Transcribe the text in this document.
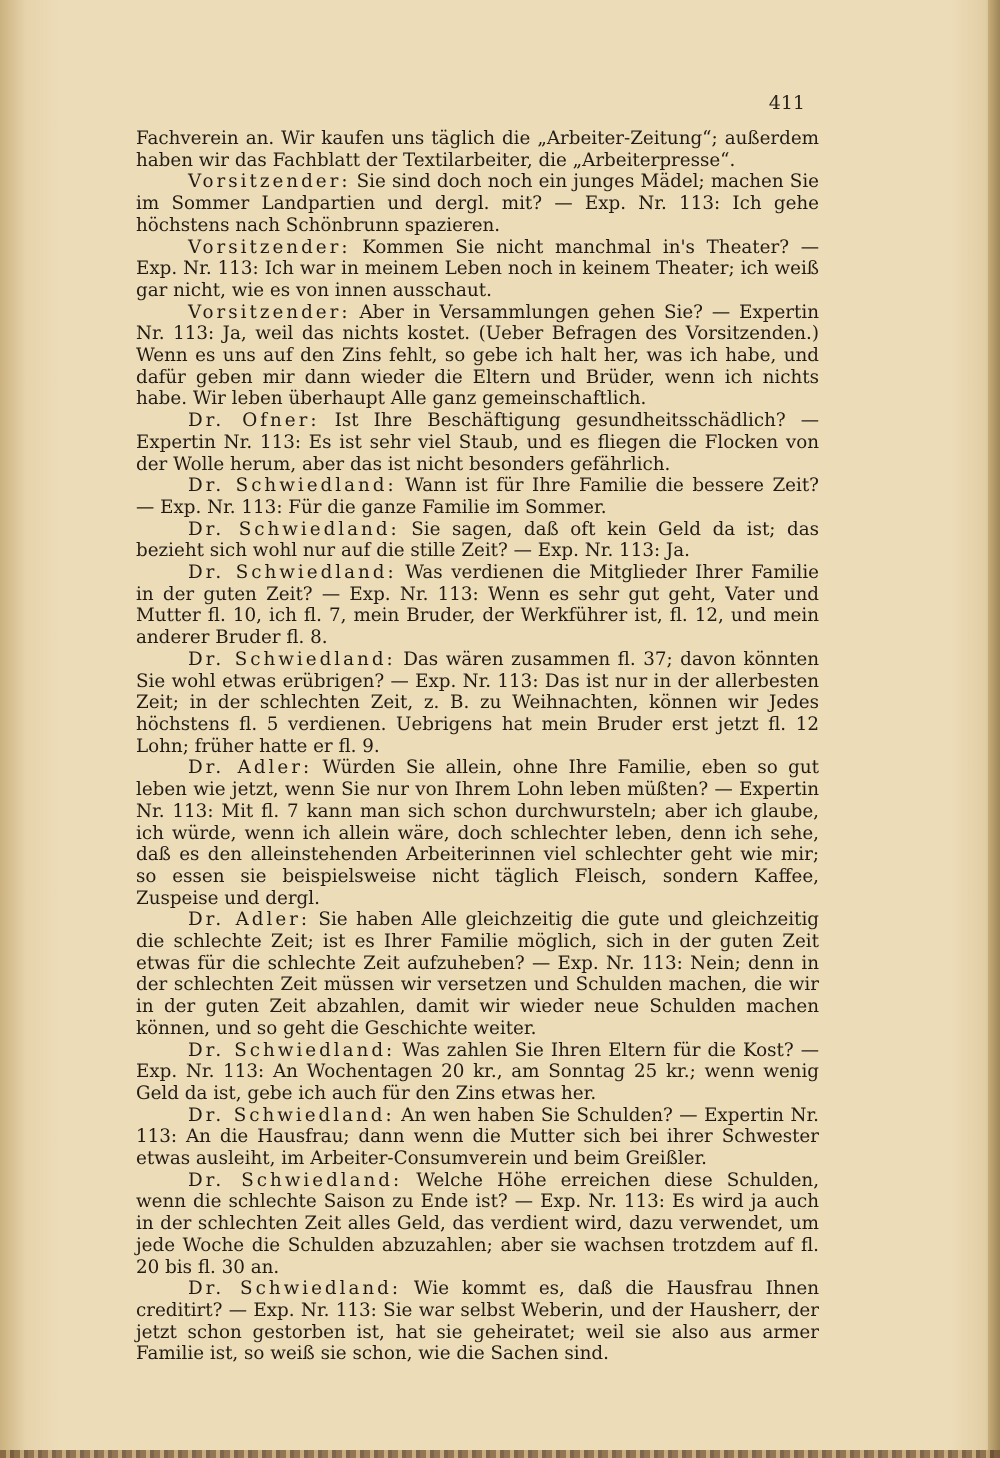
411

Fachverein an. Wir kaufen uns täglich die „Arbeiter-Zeitung“; außerdem haben wir das Fachblatt der Textilarbeiter, die „Arbeiterpresse“.

Vorsitzender: Sie sind doch noch ein junges Mädel; machen Sie im Sommer Landpartien und dergl. mit? — Exp. Nr. 113: Ich gehe höchstens nach Schönbrunn spazieren.

Vorsitzender: Kommen Sie nicht manchmal in's Theater? — Exp. Nr. 113: Ich war in meinem Leben noch in keinem Theater; ich weiß gar nicht, wie es von innen ausschaut.

Vorsitzender: Aber in Versammlungen gehen Sie? — Expertin Nr. 113: Ja, weil das nichts kostet. (Ueber Befragen des Vorsitzenden.) Wenn es uns auf den Zins fehlt, so gebe ich halt her, was ich habe, und dafür geben mir dann wieder die Eltern und Brüder, wenn ich nichts habe. Wir leben überhaupt Alle ganz gemeinschaftlich.

Dr. Ofner: Ist Ihre Beschäftigung gesundheitsschädlich? — Expertin Nr. 113: Es ist sehr viel Staub, und es fliegen die Flocken von der Wolle herum, aber das ist nicht besonders gefährlich.

Dr. Schwiedland: Wann ist für Ihre Familie die bessere Zeit? — Exp. Nr. 113: Für die ganze Familie im Sommer.

Dr. Schwiedland: Sie sagen, daß oft kein Geld da ist; das bezieht sich wohl nur auf die stille Zeit? — Exp. Nr. 113: Ja.

Dr. Schwiedland: Was verdienen die Mitglieder Ihrer Familie in der guten Zeit? — Exp. Nr. 113: Wenn es sehr gut geht, Vater und Mutter fl. 10, ich fl. 7, mein Bruder, der Werkführer ist, fl. 12, und mein anderer Bruder fl. 8.

Dr. Schwiedland: Das wären zusammen fl. 37; davon könnten Sie wohl etwas erübrigen? — Exp. Nr. 113: Das ist nur in der allerbesten Zeit; in der schlechten Zeit, z. B. zu Weihnachten, können wir Jedes höchstens fl. 5 verdienen. Uebrigens hat mein Bruder erst jetzt fl. 12 Lohn; früher hatte er fl. 9.

Dr. Adler: Würden Sie allein, ohne Ihre Familie, eben so gut leben wie jetzt, wenn Sie nur von Ihrem Lohn leben müßten? — Expertin Nr. 113: Mit fl. 7 kann man sich schon durchwursteln; aber ich glaube, ich würde, wenn ich allein wäre, doch schlechter leben, denn ich sehe, daß es den alleinstehenden Arbeiterinnen viel schlechter geht wie mir; so essen sie beispielsweise nicht täglich Fleisch, sondern Kaffee, Zuspeise und dergl.

Dr. Adler: Sie haben Alle gleichzeitig die gute und gleichzeitig die schlechte Zeit; ist es Ihrer Familie möglich, sich in der guten Zeit etwas für die schlechte Zeit aufzuheben? — Exp. Nr. 113: Nein; denn in der schlechten Zeit müssen wir versetzen und Schulden machen, die wir in der guten Zeit abzahlen, damit wir wieder neue Schulden machen können, und so geht die Geschichte weiter.

Dr. Schwiedland: Was zahlen Sie Ihren Eltern für die Kost? — Exp. Nr. 113: An Wochentagen 20 kr., am Sonntag 25 kr.; wenn wenig Geld da ist, gebe ich auch für den Zins etwas her.

Dr. Schwiedland: An wen haben Sie Schulden? — Expertin Nr. 113: An die Hausfrau; dann wenn die Mutter sich bei ihrer Schwester etwas ausleiht, im Arbeiter-Consumverein und beim Greißler.

Dr. Schwiedland: Welche Höhe erreichen diese Schulden, wenn die schlechte Saison zu Ende ist? — Exp. Nr. 113: Es wird ja auch in der schlechten Zeit alles Geld, das verdient wird, dazu verwendet, um jede Woche die Schulden abzuzahlen; aber sie wachsen trotzdem auf fl. 20 bis fl. 30 an.

Dr. Schwiedland: Wie kommt es, daß die Hausfrau Ihnen creditirt? — Exp. Nr. 113: Sie war selbst Weberin, und der Hausherr, der jetzt schon gestorben ist, hat sie geheiratet; weil sie also aus armer Familie ist, so weiß sie schon, wie die Sachen sind.
